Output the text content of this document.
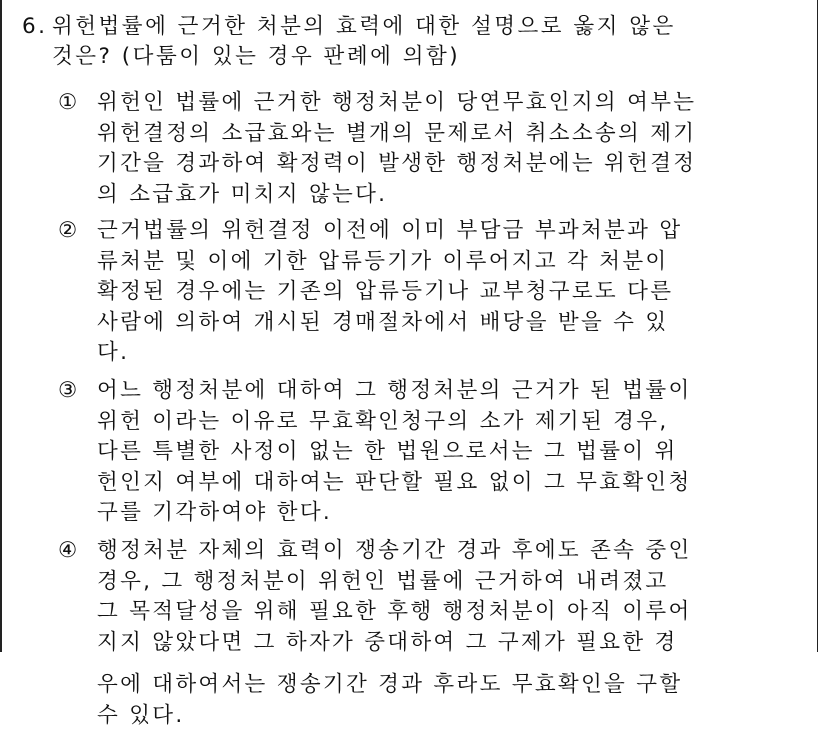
6. 위헌법률에 근거한 처분의 효력에 대한 설명으로 옳지 않은
것은? (다툼이 있는 경우 판례에 의함)
① 위헌인 법률에 근거한 행정처분이 당연무효인지의 여부는
위헌결정의 소급효와는 별개의 문제로서 취소소송의 제기
기간을 경과하여 확정력이 발생한 행정처분에는 위헌결정
의 소급효가 미치지 않는다.
② 근거법률의 위헌결정 이전에 이미 부담금 부과처분과 압
류처분 및 이에 기한 압류등기가 이루어지고 각 처분이
확정된 경우에는 기존의 압류등기나 교부청구로도 다른
사람에 의하여 개시된 경매절차에서 배당을 받을 수 있
다.
③ 어느 행정처분에 대하여 그 행정처분의 근거가 된 법률이
위헌 이라는 이유로 무효확인청구의 소가 제기된 경우,
다른 특별한 사정이 없는 한 법원으로서는 그 법률이 위
헌인지 여부에 대하여는 판단할 필요 없이 그 무효확인청
구를 기각하여야 한다.
④ 행정처분 자체의 효력이 쟁송기간 경과 후에도 존속 중인
경우, 그 행정처분이 위헌인 법률에 근거하여 내려졌고
그 목적달성을 위해 필요한 후행 행정처분이 아직 이루어
지지 않았다면 그 하자가 중대하여 그 구제가 필요한 경
우에 대하여서는 쟁송기간 경과 후라도 무효확인을 구할
수 있다.
